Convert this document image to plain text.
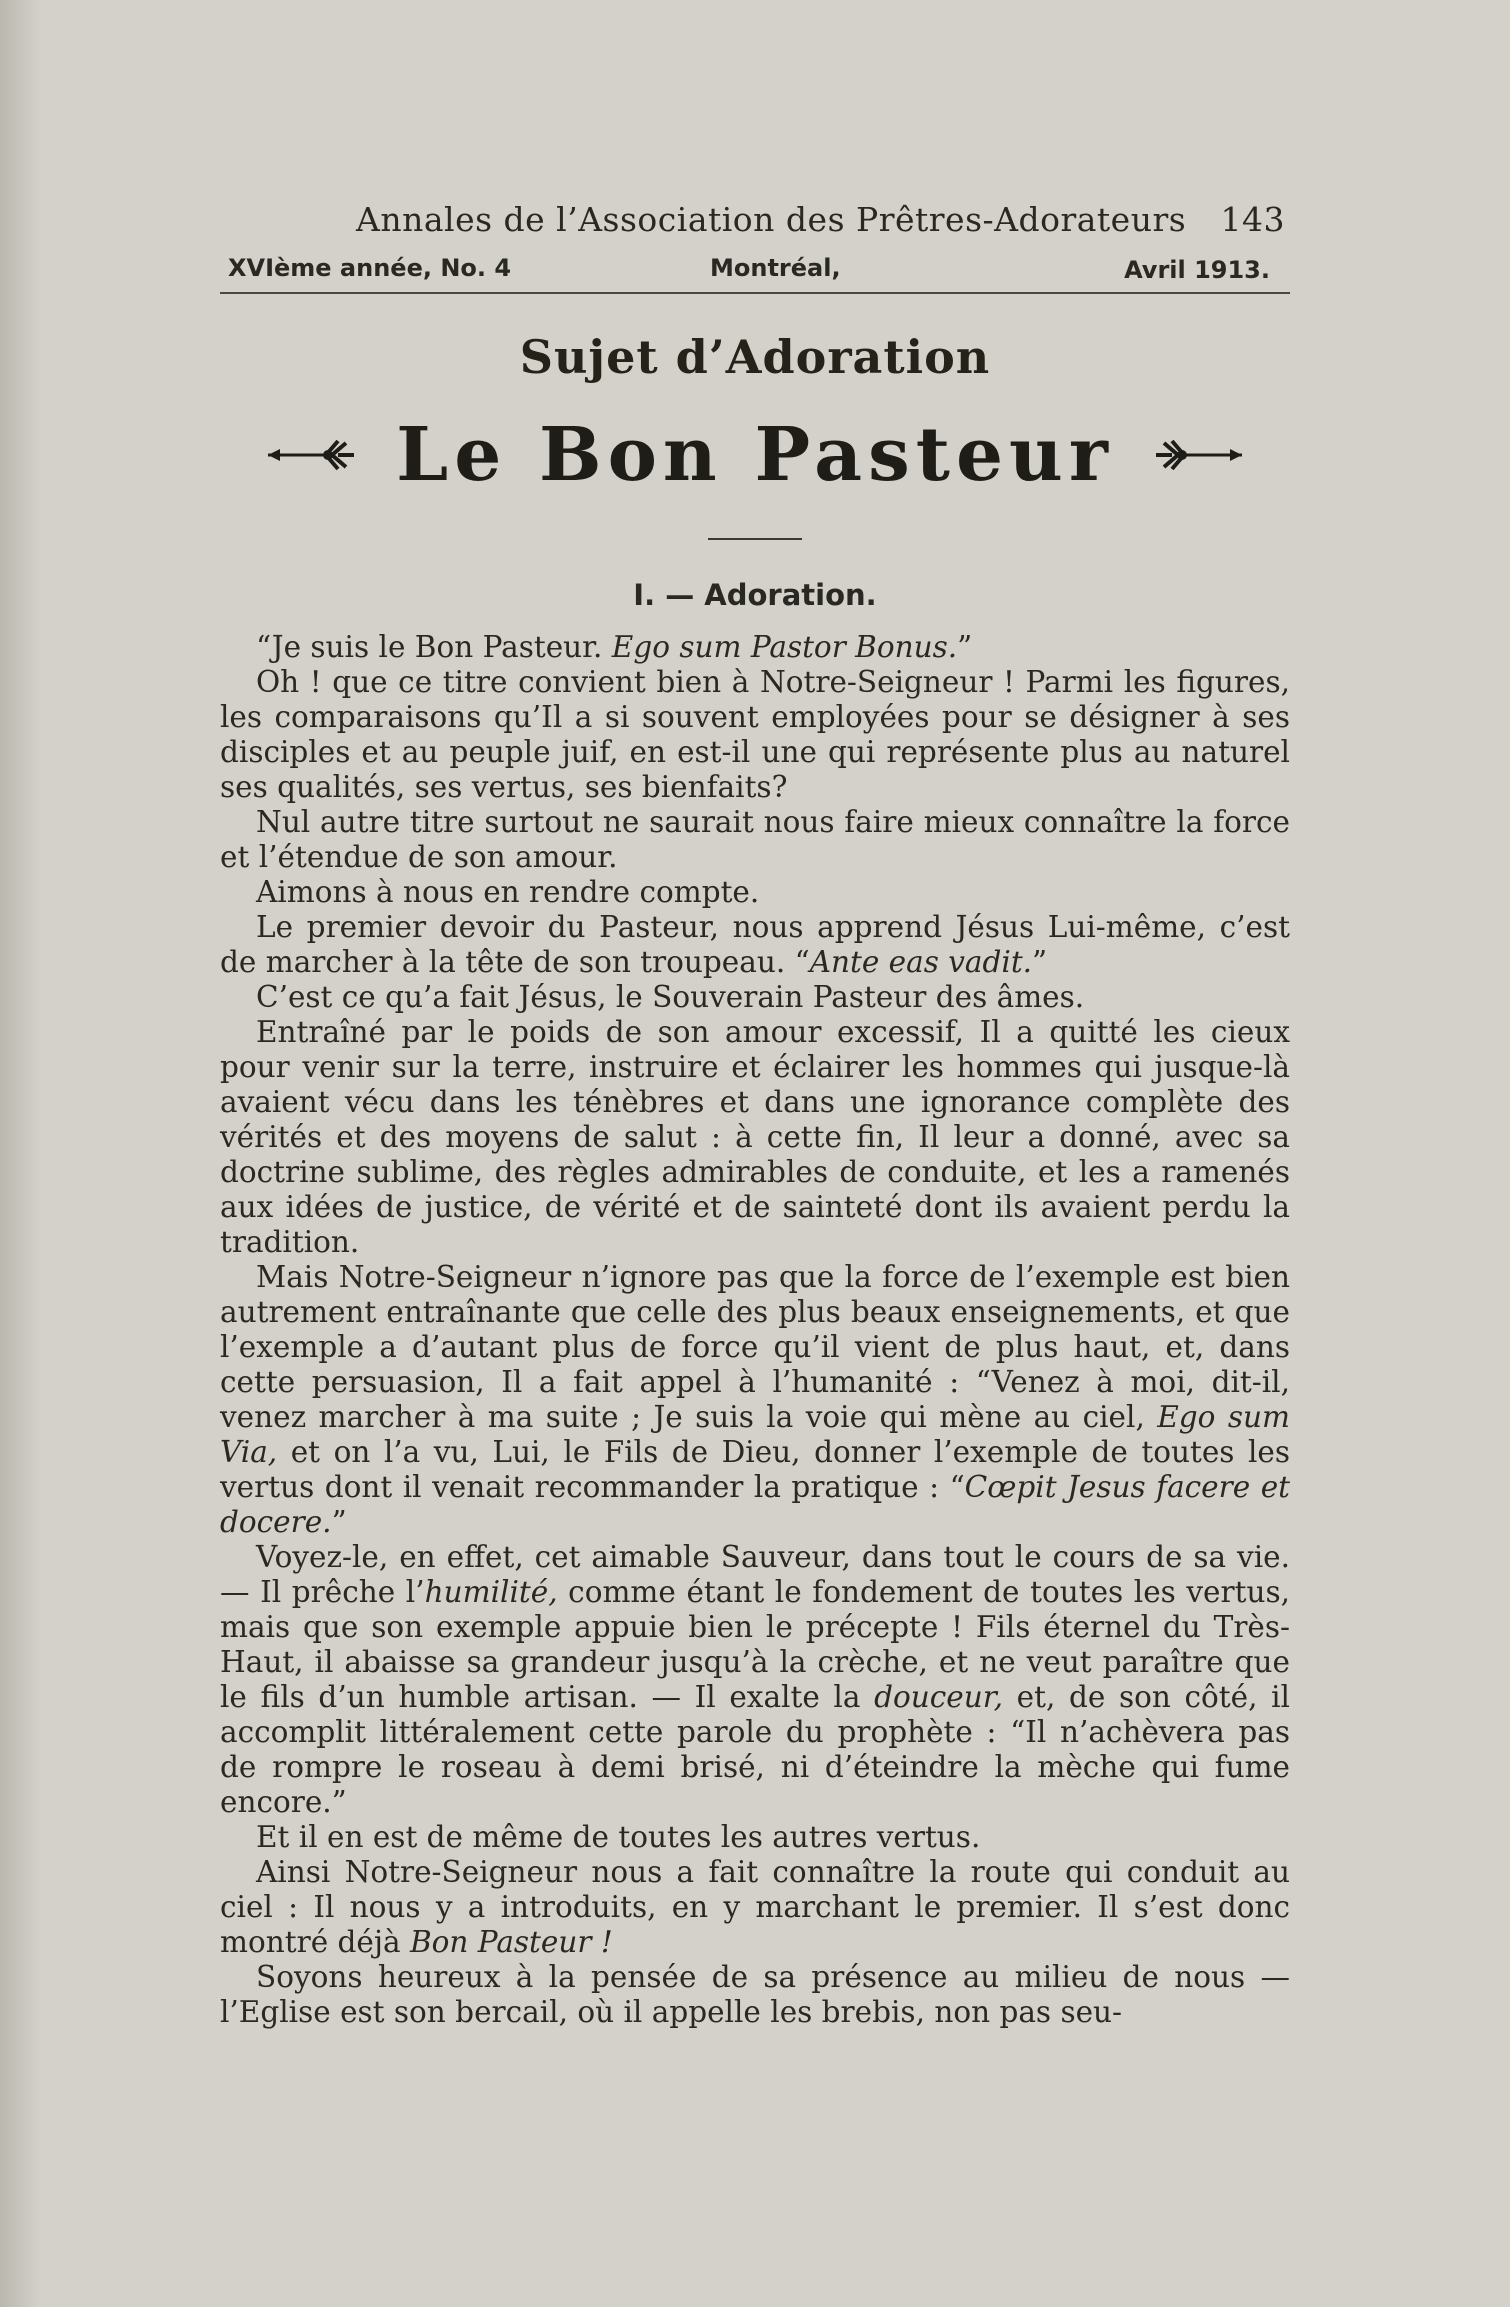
Annales de l’Association des Prêtres-Adorateurs 143
XVIème année, No. 4	Montréal,	Avril 1913.
Sujet d’Adoration
Le Bon Pasteur
I. — Adoration.

“Je suis le Bon Pasteur. Ego sum Pastor Bonus.”

Oh ! que ce titre convient bien à Notre-Seigneur ! Parmi les figures, les comparaisons qu’Il a si souvent employées pour se désigner à ses disciples et au peuple juif, en est-il une qui représente plus au naturel ses qualités, ses vertus, ses bienfaits?

Nul autre titre surtout ne saurait nous faire mieux connaître la force et l’étendue de son amour.

Aimons à nous en rendre compte.

Le premier devoir du Pasteur, nous apprend Jésus Lui-même, c’est de marcher à la tête de son troupeau. “Ante eas vadit.”

C’est ce qu’a fait Jésus, le Souverain Pasteur des âmes.

Entraîné par le poids de son amour excessif, Il a quitté les cieux pour venir sur la terre, instruire et éclairer les hommes qui jusque-là avaient vécu dans les ténèbres et dans une ignorance complète des vérités et des moyens de salut : à cette fin, Il leur a donné, avec sa doctrine sublime, des règles admirables de conduite, et les a ramenés aux idées de justice, de vérité et de sainteté dont ils avaient perdu la tradition.

Mais Notre-Seigneur n’ignore pas que la force de l’exemple est bien autrement entraînante que celle des plus beaux enseignements, et que l’exemple a d’autant plus de force qu’il vient de plus haut, et, dans cette persuasion, Il a fait appel à l’humanité : “Venez à moi, dit-il, venez marcher à ma suite ; Je suis la voie qui mène au ciel, Ego sum Via, et on l’a vu, Lui, le Fils de Dieu, donner l’exemple de toutes les vertus dont il venait recommander la pratique : “Cœpit Jesus facere et docere.”

Voyez-le, en effet, cet aimable Sauveur, dans tout le cours de sa vie. — Il prêche l’humilité, comme étant le fondement de toutes les vertus, mais que son exemple appuie bien le précepte ! Fils éternel du Très-Haut, il abaisse sa grandeur jusqu’à la crèche, et ne veut paraître que le fils d’un humble artisan. — Il exalte la douceur, et, de son côté, il accomplit littéralement cette parole du prophète : “Il n’achèvera pas de rompre le roseau à demi brisé, ni d’éteindre la mèche qui fume encore.”

Et il en est de même de toutes les autres vertus.

Ainsi Notre-Seigneur nous a fait connaître la route qui conduit au ciel : Il nous y a introduits, en y marchant le premier. Il s’est donc montré déjà Bon Pasteur !

Soyons heureux à la pensée de sa présence au milieu de nous — l’Eglise est son bercail, où il appelle les brebis, non pas seu-
